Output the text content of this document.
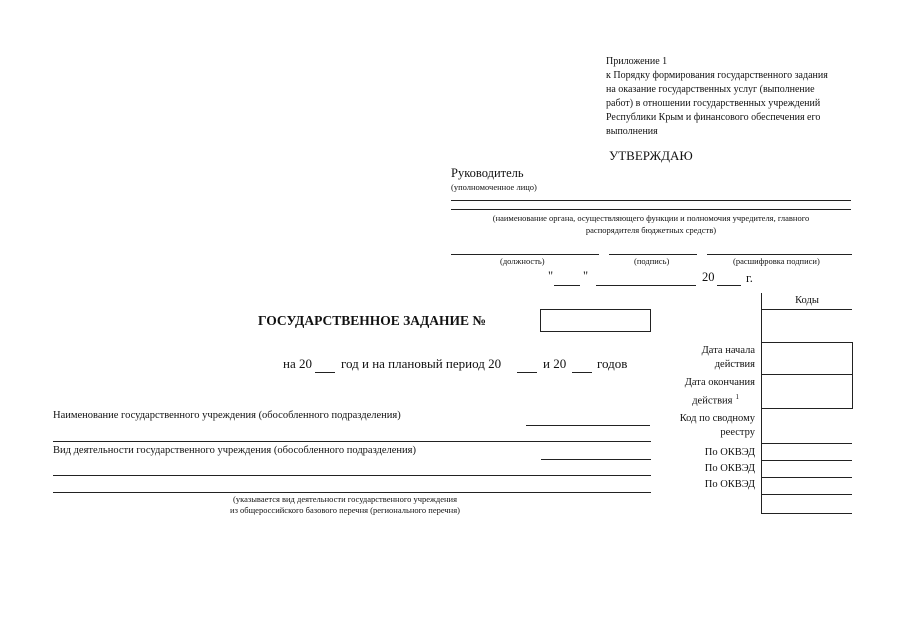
Приложение 1
к Порядку формирования государственного задания
на оказание государственных услуг (выполнение
работ) в отношении государственных учреждений
Республики Крым и финансового обеспечения его
выполнения
УТВЕРЖДАЮ
Руководитель
(уполномоченное лицо)
(наименование органа, осуществляющего функции и полномочия учредителя, главного
распорядителя бюджетных средств)
(должность)	(подпись)	(расшифровка подписи)
" "	20	г.
ГОСУДАРСТВЕННОЕ ЗАДАНИЕ №
на 20 год и на плановый период 20	и 20 годов
Наименование государственного учреждения (обособленного подразделения)
Вид деятельности государственного учреждения (обособленного подразделения)
(указывается вид деятельности государственного учреждения
из общероссийского базового перечня (регионального перечня)
Дата начала
действия
Дата окончания
действия $^1$
Код по сводному
реестру
По ОКВЭД
По ОКВЭД
По ОКВЭД
Коды
